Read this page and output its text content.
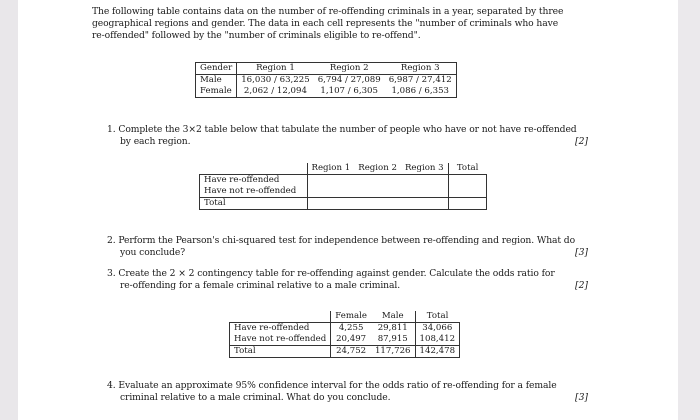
The following table contains data on the number of re-offending criminals in a year, separated by three
geographical regions and gender. The data in each cell represents the "number of criminals who have
re-offended" followed by the "number of criminals eligible to re-offend".
Gender	Region 1	Region 2	Region 3
Male	16,030 / 63,225	6,794 / 27,089	6,987 / 27,412
Female	2,062 / 12,094	1,107 / 6,305	1,086 / 6,353
1. Complete the 3×2 table below that tabulate the number of people who have or not have re-offended
by each region.	[2]
	Region 1	Region 2	Region 3	Total
Have re-offended				
Have not re-offended				
Total				
2. Perform the Pearson's chi-squared test for independence between re-offending and region. What do
you conclude?	[3]
3. Create the 2 × 2 contingency table for re-offending against gender. Calculate the odds ratio for
re-offending for a female criminal relative to a male criminal.	[2]
	Female	Male	Total
Have re-offended	4,255	29,811	34,066
Have not re-offended	20,497	87,915	108,412
Total	24,752	117,726	142,478
4. Evaluate an approximate 95% confidence interval for the odds ratio of re-offending for a female
criminal relative to a male criminal. What do you conclude.	[3]
